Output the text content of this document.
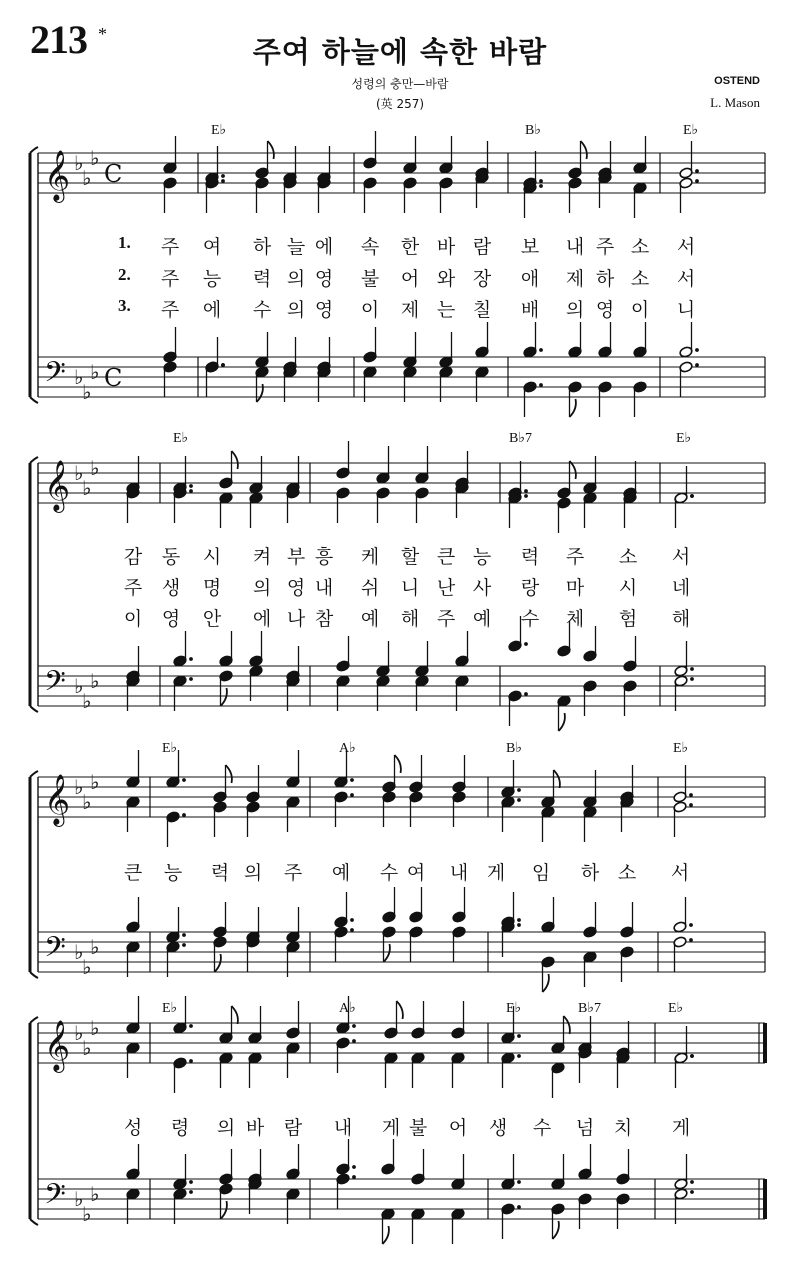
213 *
주여 하늘에 속한 바람
성령의 충만—바람
(英 257)
OSTEND
L. Mason
𝄞
𝄢
♭
♭
♭
♭
♭
♭
C
C
𝄞
𝄢
♭
♭
♭
♭
♭
♭
𝄞
𝄢
♭
♭
♭
♭
♭
♭
𝄞
𝄢
♭
♭
♭
♭
♭
♭
E♭	B♭	E♭
1.
2.
3.
E♭	B♭7	E♭
E♭	A♭	B♭	E♭
E♭	A♭	E♭	B♭7	E♭
주 여 하 늘 에 속 한 바 람 보 내 주 소 서
주 능 력 의 영 불 어 와 장 애 제 하 소 서
주 에 수 의 영 이 제 는 칠 배 의 영 이 니
감 동 시 켜 부 흥 케 할 큰 능 력 주 소 서
주 생 명 의 영 내 쉬 니 난 사 랑 마 시 네
이 영 안 에 나 참 예 해 주 예 수 체 험 해
큰 능 력 의 주 예 수 여 내 게 임 하 소 서
성 령 의 바 람 내 게 불 어 생 수 넘 치 게
